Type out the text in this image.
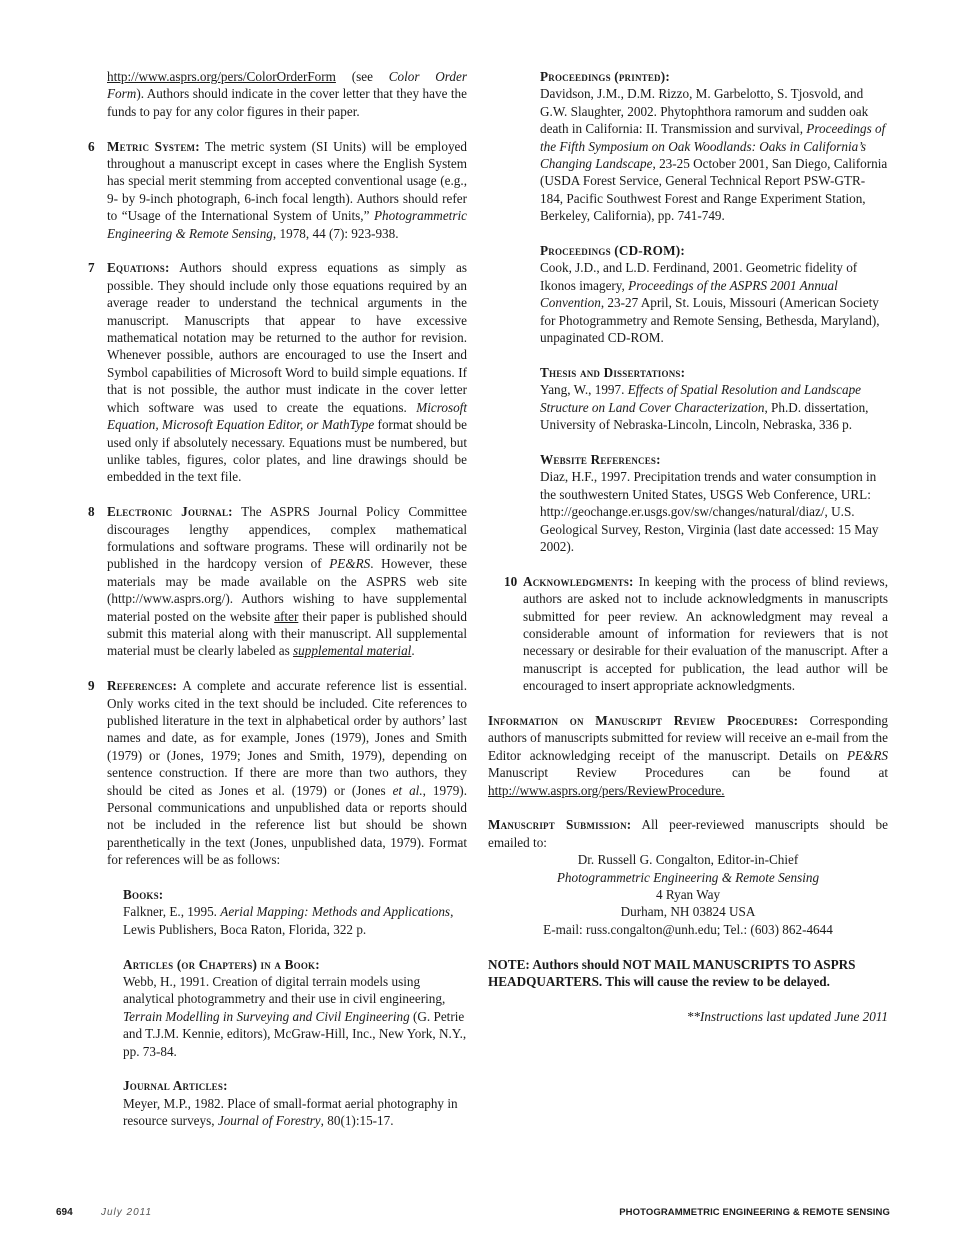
http://www.asprs.org/pers/ColorOrderForm (see Color Order Form). Authors should indicate in the cover letter that they have the funds to pay for any color figures in their paper.

6 Metric System: The metric system (SI Units) will be employed throughout a manuscript except in cases where the English System has special merit stemming from accepted conventional usage (e.g., 9- by 9-inch photograph, 6-inch focal length). Authors should refer to “Usage of the International System of Units,” Photogrammetric Engineering & Remote Sensing, 1978, 44 (7): 923-938.
7 Equations: Authors should express equations as simply as possible. They should include only those equations required by an average reader to understand the technical arguments in the manuscript. Manuscripts that appear to have excessive mathematical notation may be returned to the author for revision. Whenever possible, authors are encouraged to use the Insert and Symbol capabilities of Microsoft Word to build simple equations. If that is not possible, the author must indicate in the cover letter which software was used to create the equations. Microsoft Equation, Microsoft Equation Editor, or MathType format should be used only if absolutely necessary. Equations must be numbered, but unlike tables, figures, color plates, and line drawings should be embedded in the text file.
8 Electronic Journal: The ASPRS Journal Policy Committee discourages lengthy appendices, complex mathematical formulations and software programs. These will ordinarily not be published in the hardcopy version of PE&RS. However, these materials may be made available on the ASPRS web site (http://www.asprs.org/). Authors wishing to have supplemental material posted on the website after their paper is published should submit this material along with their manuscript. All supplemental material must be clearly labeled as supplemental material.
9 References: A complete and accurate reference list is essential. Only works cited in the text should be included. Cite references to published literature in the text in alphabetical order by authors’ last names and date, as for example, Jones (1979), Jones and Smith (1979) or (Jones, 1979; Jones and Smith, 1979), depending on sentence construction. If there are more than two authors, they should be cited as Jones et al. (1979) or (Jones et al., 1979). Personal communications and unpublished data or reports should not be included in the reference list but should be shown parenthetically in the text (Jones, unpublished data, 1979). Format for references will be as follows:
Books:
Falkner, E., 1995. Aerial Mapping: Methods and Applications, Lewis Publishers, Boca Raton, Florida, 322 p.
Articles (or Chapters) in a Book:
Webb, H., 1991. Creation of digital terrain models using analytical photogrammetry and their use in civil engineering, Terrain Modelling in Surveying and Civil Engineering (G. Petrie and T.J.M. Kennie, editors), McGraw-Hill, Inc., New York, N.Y., pp. 73-84.
Journal Articles:
Meyer, M.P., 1982. Place of small-format aerial photography in resource surveys, Journal of Forestry, 80(1):15-17.
Proceedings (printed):
Davidson, J.M., D.M. Rizzo, M. Garbelotto, S. Tjosvold, and G.W. Slaughter, 2002. Phytophthora ramorum and sudden oak death in California: II. Transmission and survival, Proceedings of the Fifth Symposium on Oak Woodlands: Oaks in California’s Changing Landscape, 23-25 October 2001, San Diego, California (USDA Forest Service, General Technical Report PSW-GTR-184, Pacific Southwest Forest and Range Experiment Station, Berkeley, California), pp. 741-749.
Proceedings (CD-ROM):
Cook, J.D., and L.D. Ferdinand, 2001. Geometric fidelity of Ikonos imagery, Proceedings of the ASPRS 2001 Annual Convention, 23-27 April, St. Louis, Missouri (American Society for Photogrammetry and Remote Sensing, Bethesda, Maryland), unpaginated CD-ROM.
Thesis and Dissertations:
Yang, W., 1997. Effects of Spatial Resolution and Landscape Structure on Land Cover Characterization, Ph.D. dissertation, University of Nebraska-Lincoln, Lincoln, Nebraska, 336 p.
Website References:
Diaz, H.F., 1997. Precipitation trends and water consumption in the southwestern United States, USGS Web Conference, URL: http://geochange.er.usgs.gov/sw/changes/natural/diaz/, U.S. Geological Survey, Reston, Virginia (last date accessed: 15 May 2002).
10 Acknowledgments: In keeping with the process of blind reviews, authors are asked not to include acknowledgments in manuscripts submitted for peer review. An acknowledgment may reveal a considerable amount of information for reviewers that is not necessary or desirable for their evaluation of the manuscript. After a manuscript is accepted for publication, the lead author will be encouraged to insert appropriate acknowledgments.

Information on Manuscript Review Procedures: Corresponding authors of manuscripts submitted for review will receive an e-mail from the Editor acknowledging receipt of the manuscript. Details on PE&RS Manuscript Review Procedures can be found at http://www.asprs.org/pers/ReviewProcedure.

Manuscript Submission: All peer-reviewed manuscripts should be emailed to:
Dr. Russell G. Congalton, Editor-in-Chief
Photogrammetric Engineering & Remote Sensing
4 Ryan Way
Durham, NH 03824 USA
E-mail: russ.congalton@unh.edu; Tel.: (603) 862-4644

NOTE: Authors should NOT MAIL MANUSCRIPTS TO ASPRS HEADQUARTERS. This will cause the review to be delayed.

**Instructions last updated June 2011

694	July 2011	PHOTOGRAMMETRIC ENGINEERING & REMOTE SENSING
